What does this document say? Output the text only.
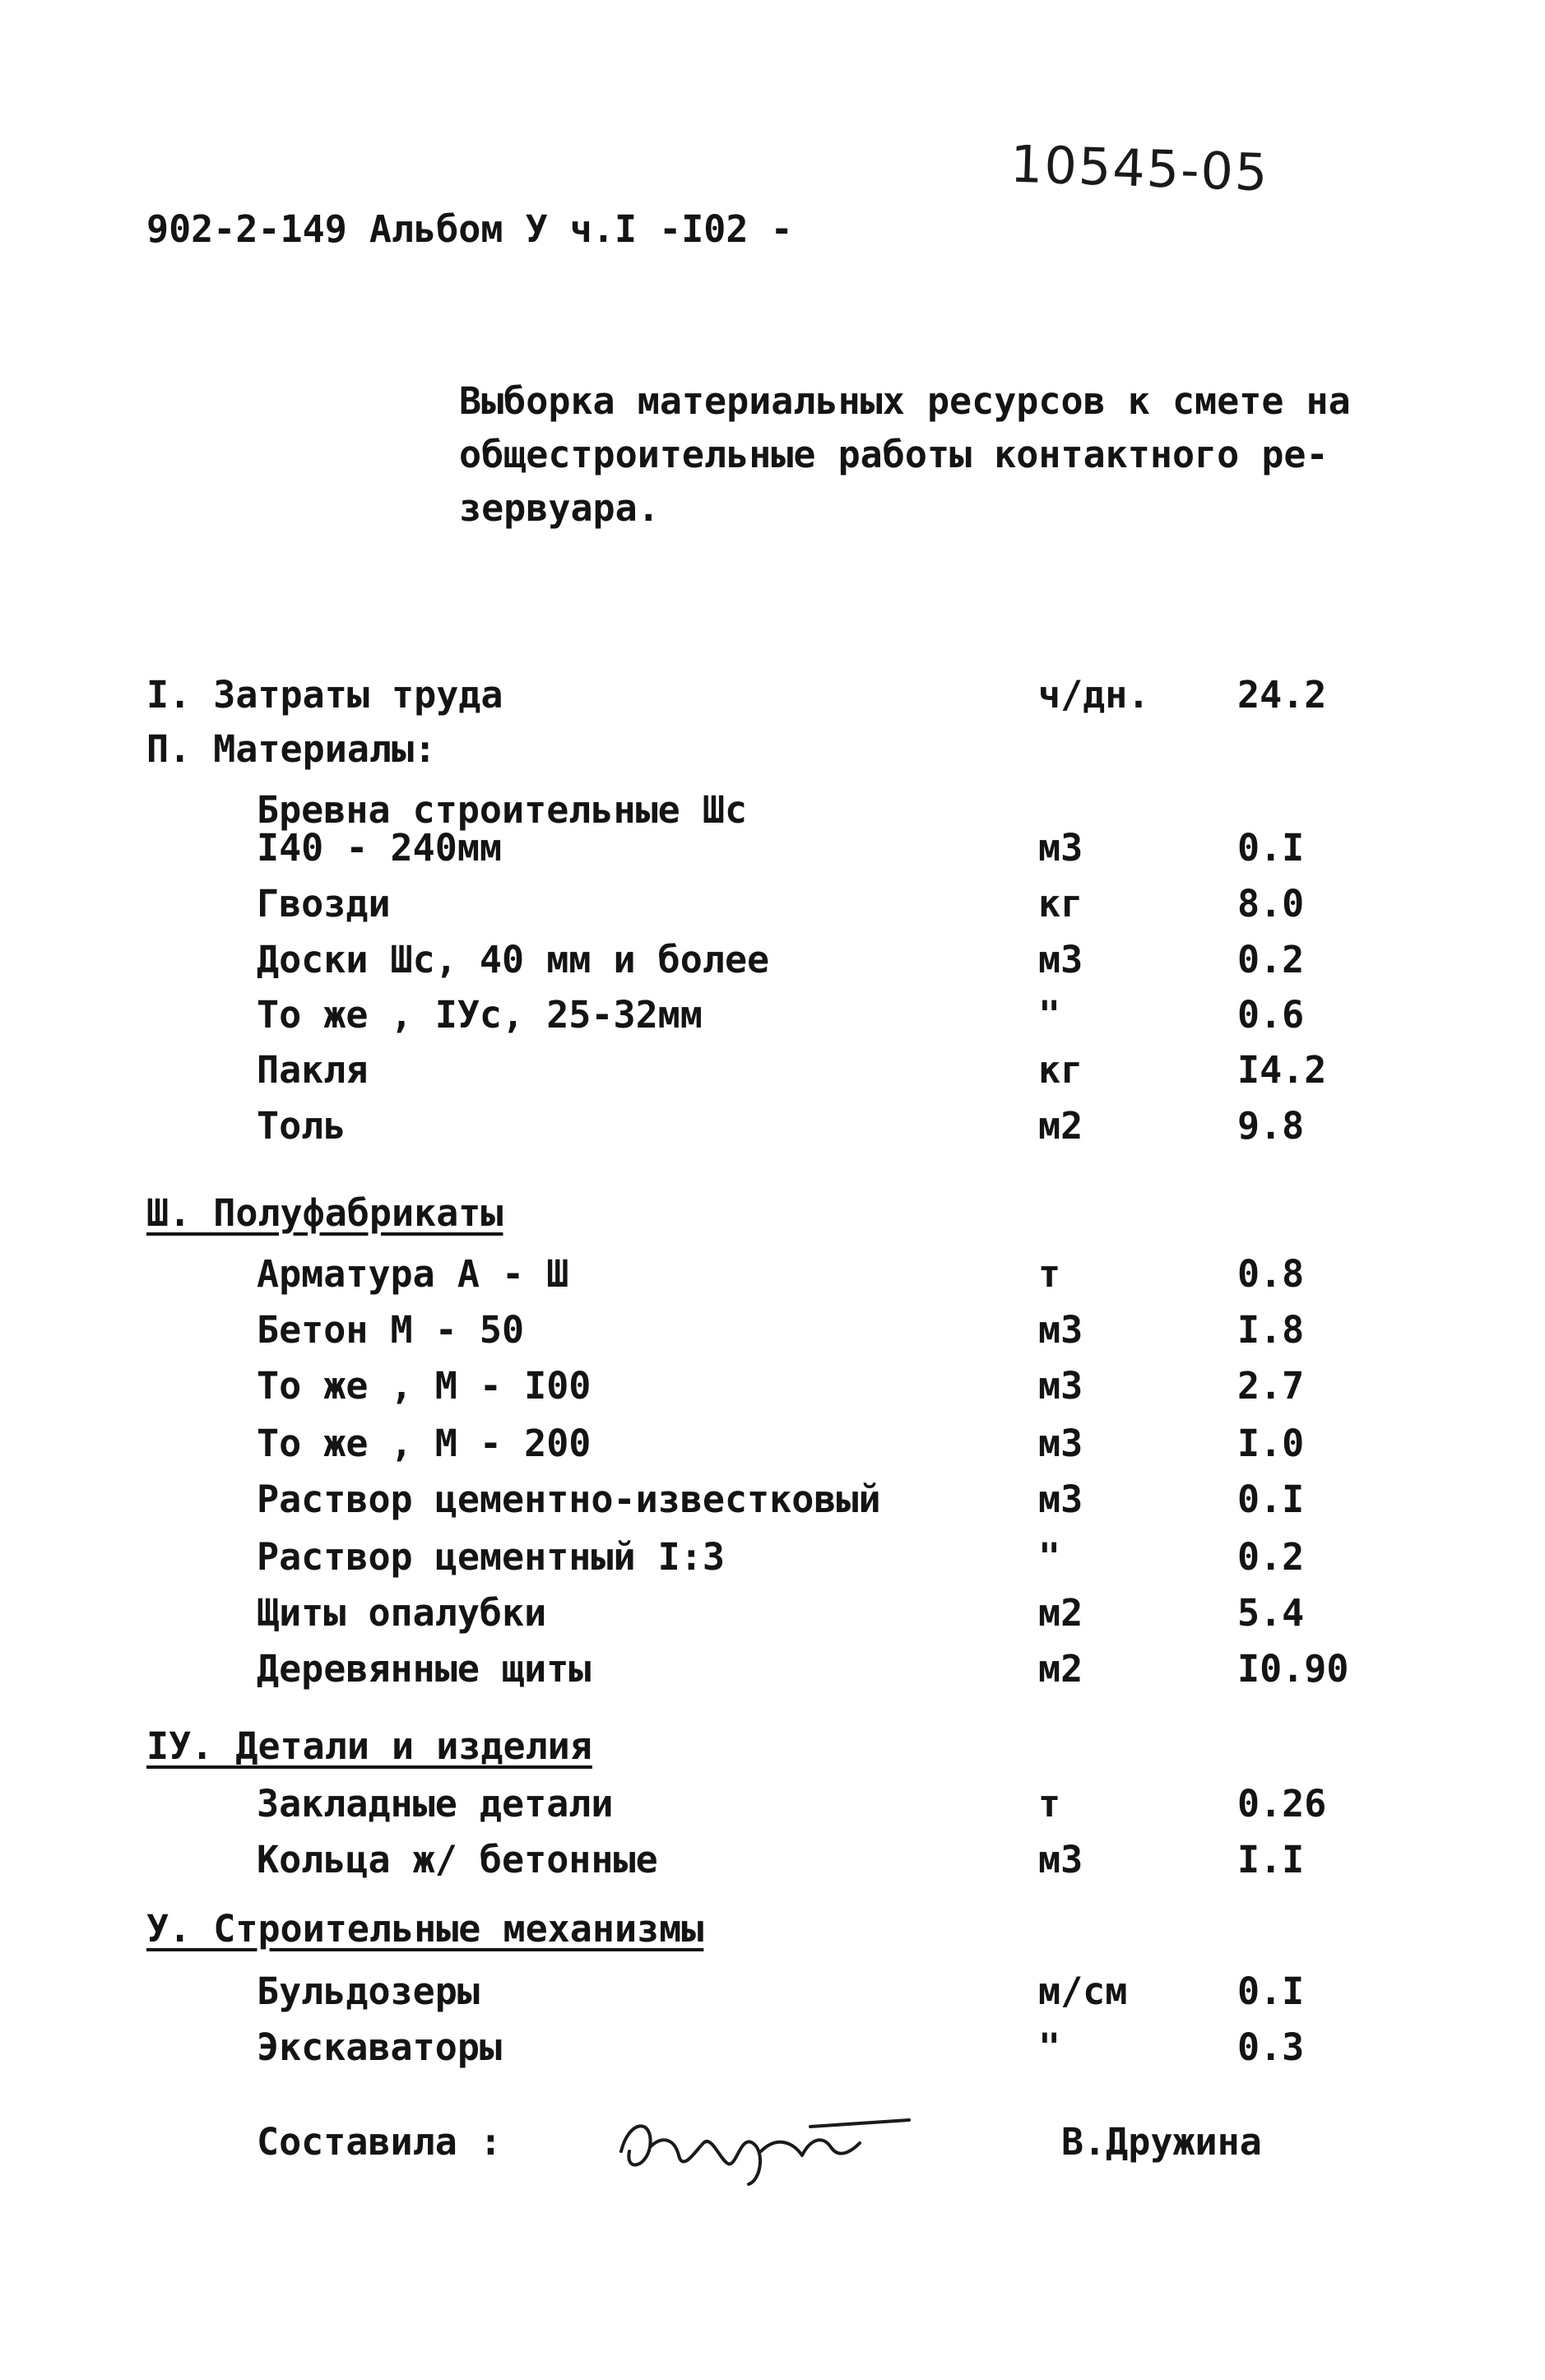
10545-05
902-2-149 Альбом У ч.I -I02 -
Выборка материальных ресурсов к смете на
общестроительные работы контактного ре-
зервуара.
I. Затраты труда	ч/дн. 24.2
П. Материалы:
Бревна строительные Шс
I40 - 240мм	м3	0.I
Гвозди	кг	8.0
Доски Шс, 40 мм и более	м3	0.2
То же , IУс, 25-32мм	"	0.6
Пакля	кг	I4.2
Толь	м2	9.8
Ш. Полуфабрикаты
Арматура А - Ш	т	0.8
Бетон М - 50	м3	I.8
То же , М - I00	м3	2.7
То же , М - 200	м3	I.0
Раствор цементно-известковый	м3	0.I
Раствор цементный I:3	"	0.2
Щиты опалубки	м2	5.4
Деревянные щиты	м2	I0.90
IУ. Детали и изделия
Закладные детали	т	0.26
Кольца ж/ бетонные	м3	I.I
У. Строительные механизмы
Бульдозеры	м/см	0.I
Экскаваторы	"	0.3
Составила :	В.Дружина
